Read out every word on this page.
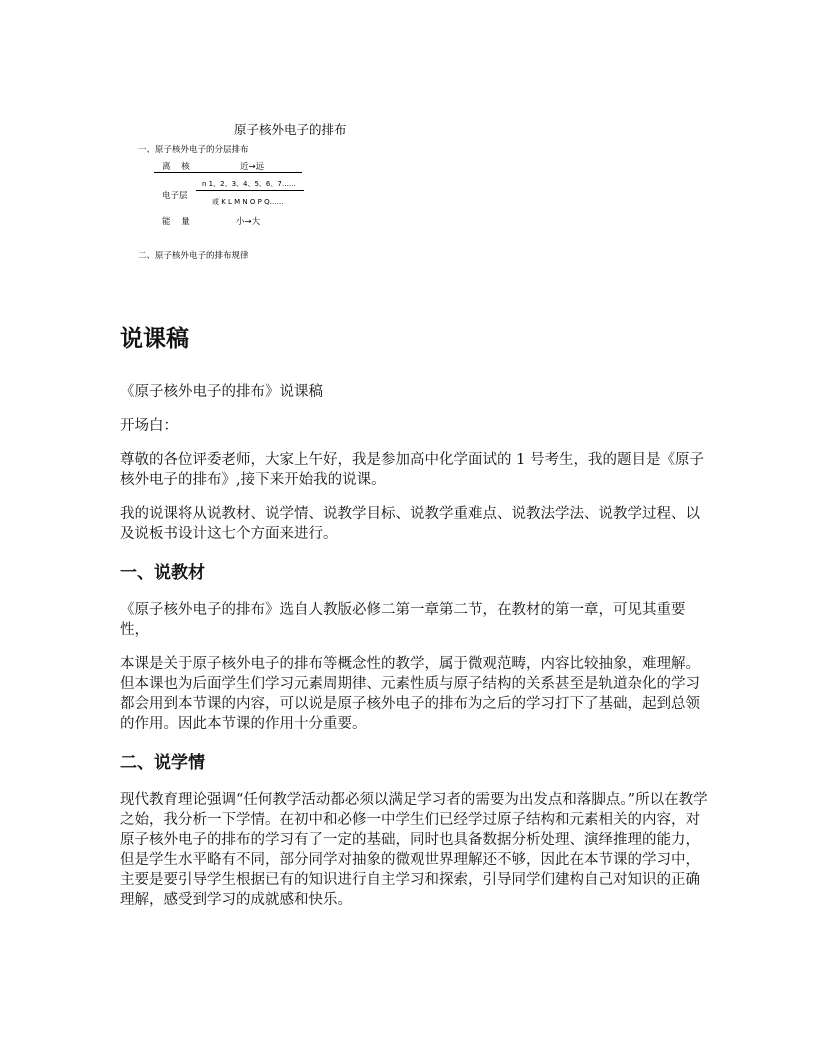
原子核外电子的排布
一、原子核外电子的分层排布
离 核	近→远
n 1、2、3、4、5、6、7……
电子层
或 K L M N O P Q……
能 量	小→大
二、原子核外电子的排布规律
说课稿

《原子核外电子的排布》说课稿

开场白：

尊敬的各位评委老师，大家上午好，我是参加高中化学面试的 1 号考生，我的题目是《原子核外电子的排布》,接下来开始我的说课。

我的说课将从说教材、说学情、说教学目标、说教学重难点、说教法学法、说教学过程、以及说板书设计这七个方面来进行。

一、说教材

《原子核外电子的排布》选自人教版必修二第一章第二节，在教材的第一章，可见其重要性，

本课是关于原子核外电子的排布等概念性的教学，属于微观范畴，内容比较抽象，难理解。但本课也为后面学生们学习元素周期律、元素性质与原子结构的关系甚至是轨道杂化的学习都会用到本节课的内容，可以说是原子核外电子的排布为之后的学习打下了基础，起到总领的作用。因此本节课的作用十分重要。

二、说学情

现代教育理论强调“任何教学活动都必须以满足学习者的需要为出发点和落脚点。”所以在教学之始，我分析一下学情。在初中和必修一中学生们已经学过原子结构和元素相关的内容，对原子核外电子的排布的学习有了一定的基础，同时也具备数据分析处理、演绎推理的能力，但是学生水平略有不同，部分同学对抽象的微观世界理解还不够，因此在本节课的学习中，主要是要引导学生根据已有的知识进行自主学习和探索，引导同学们建构自己对知识的正确理解，感受到学习的成就感和快乐。
